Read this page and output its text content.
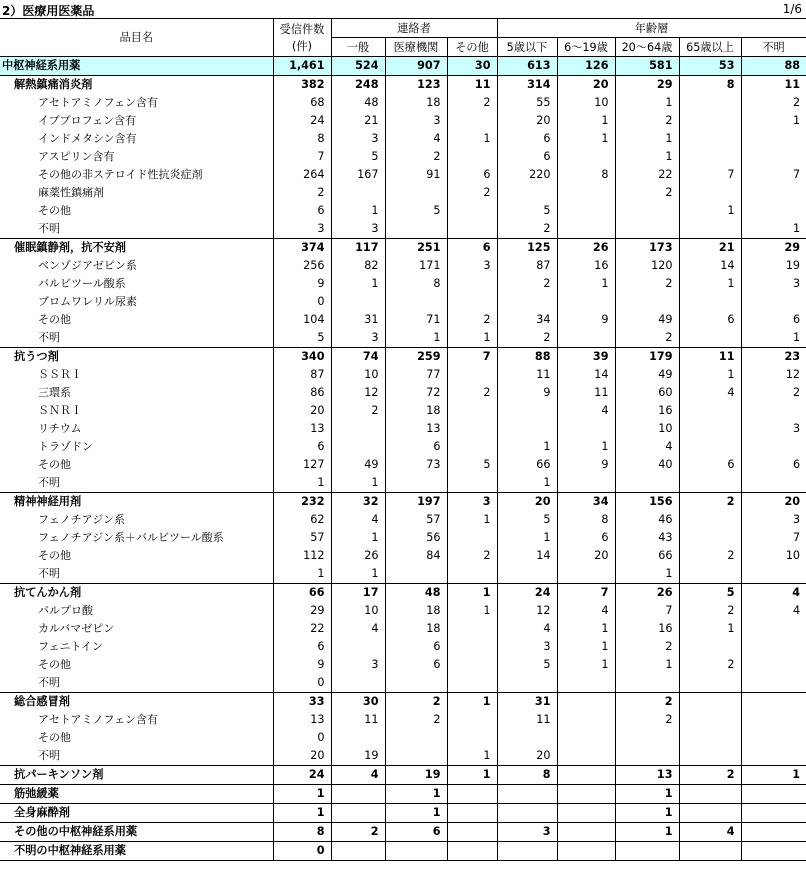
2）医療用医薬品	1/6
品目名	受信件数
(件)	連絡者			年齢層				
		一般	医療機関	その他	5歳以下	6～19歳	20～64歳	65歳以上	不明
中枢神経系用薬	1,461	524	907	30	613	126	581	53	88
解熱鎮痛消炎剤	382	248	123	11	314	20	29	8	11
アセトアミノフェン含有	68	48	18	2	55	10	1		2
イブプロフェン含有	24	21	3		20	1	2		1
インドメタシン含有	8	3	4	1	6	1	1		
アスピリン含有	7	5	2		6		1		
その他の非ステロイド性抗炎症剤	264	167	91	6	220	8	22	7	7
麻薬性鎮痛剤	2			2			2		
その他	6	1	5		5			1	
不明	3	3			2				1
催眠鎮静剤，抗不安剤	374	117	251	6	125	26	173	21	29
ベンゾジアゼピン系	256	82	171	3	87	16	120	14	19
バルビツール酸系	9	1	8		2	1	2	1	3
ブロムワレリル尿素	0								
その他	104	31	71	2	34	9	49	6	6
不明	5	3	1	1	2		2		1
抗うつ剤	340	74	259	7	88	39	179	11	23
ＳＳＲＩ	87	10	77		11	14	49	1	12
三環系	86	12	72	2	9	11	60	4	2
ＳＮＲＩ	20	2	18			4	16		
リチウム	13		13				10		3
トラゾドン	6		6		1	1	4		
その他	127	49	73	5	66	9	40	6	6
不明	1	1			1				
精神神経用剤	232	32	197	3	20	34	156	2	20
フェノチアジン系	62	4	57	1	5	8	46		3
フェノチアジン系＋バルビツール酸系	57	1	56		1	6	43		7
その他	112	26	84	2	14	20	66	2	10
不明	1	1					1		
抗てんかん剤	66	17	48	1	24	7	26	5	4
バルプロ酸	29	10	18	1	12	4	7	2	4
カルバマゼピン	22	4	18		4	1	16	1	
フェニトイン	6		6		3	1	2		
その他	9	3	6		5	1	1	2	
不明	0								
総合感冒剤	33	30	2	1	31		2		
アセトアミノフェン含有	13	11	2		11		2		
その他	0								
不明	20	19		1	20				
抗パーキンソン剤	24	4	19	1	8		13	2	1
筋弛緩薬	1		1				1		
全身麻酔剤	1		1				1		
その他の中枢神経系用薬	8	2	6		3		1	4	
不明の中枢神経系用薬	0								
